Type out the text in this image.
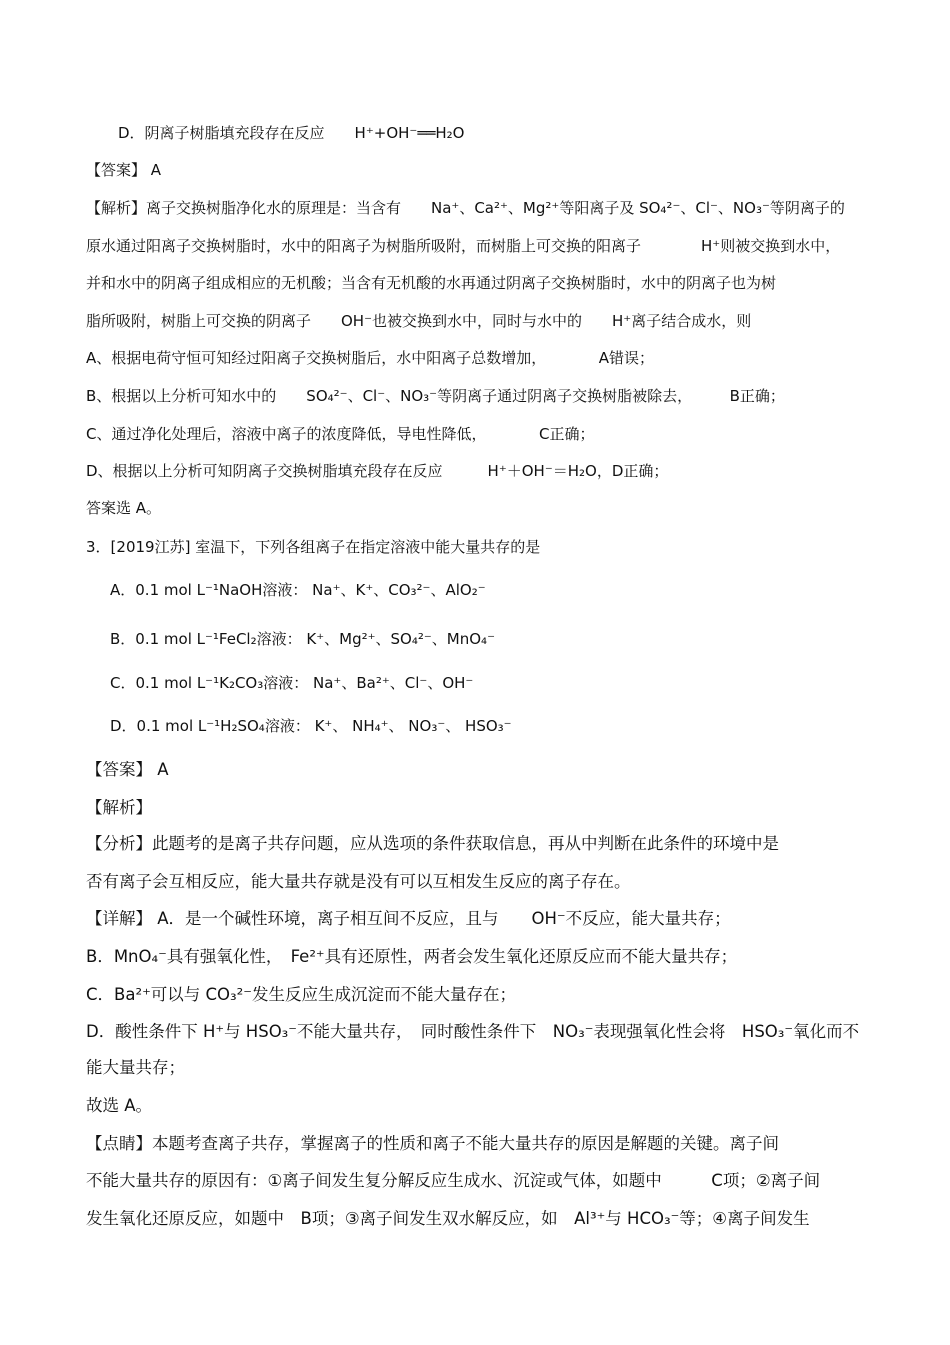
D．阴离子树脂填充段存在反应　　H⁺+OH⁻══H₂O
【答案】 A
【解析】离子交换树脂净化水的原理是：当含有　　Na⁺、Ca²⁺、Mg²⁺等阳离子及 SO₄²⁻、Cl⁻、NO₃⁻等阴离子的
原水通过阳离子交换树脂时，水中的阳离子为树脂所吸附，而树脂上可交换的阳离子　　　　H⁺则被交换到水中，
并和水中的阴离子组成相应的无机酸；当含有无机酸的水再通过阴离子交换树脂时，水中的阴离子也为树
脂所吸附，树脂上可交换的阴离子　　OH⁻也被交换到水中，同时与水中的　　H⁺离子结合成水，则
A、根据电荷守恒可知经过阳离子交换树脂后，水中阳离子总数增加，　　　　A错误；
B、根据以上分析可知水中的　　SO₄²⁻、Cl⁻、NO₃⁻等阴离子通过阴离子交换树脂被除去，　　　B正确；
C、通过净化处理后，溶液中离子的浓度降低，导电性降低，　　　　C正确；
D、根据以上分析可知阴离子交换树脂填充段存在反应　　　H⁺＋OH⁻＝H₂O，D正确；
答案选 A。
3．[2019江苏] 室温下，下列各组离子在指定溶液中能大量共存的是
A．0.1 mol L⁻¹NaOH溶液： Na⁺、K⁺、CO₃²⁻、AlO₂⁻
B．0.1 mol L⁻¹FeCl₂溶液： K⁺、Mg²⁺、SO₄²⁻、MnO₄⁻
C．0.1 mol L⁻¹K₂CO₃溶液： Na⁺、Ba²⁺、Cl⁻、OH⁻
D．0.1 mol L⁻¹H₂SO₄溶液： K⁺、 NH₄⁺、 NO₃⁻、 HSO₃⁻
【答案】 A
【解析】
【分析】此题考的是离子共存问题，应从选项的条件获取信息，再从中判断在此条件的环境中是
否有离子会互相反应，能大量共存就是没有可以互相发生反应的离子存在。
【详解】 A．是一个碱性环境，离子相互间不反应，且与　　OH⁻不反应，能大量共存；
B．MnO₄⁻具有强氧化性，　Fe²⁺具有还原性，两者会发生氧化还原反应而不能大量共存；
C．Ba²⁺可以与 CO₃²⁻发生反应生成沉淀而不能大量存在；
D．酸性条件下 H⁺与 HSO₃⁻不能大量共存，　同时酸性条件下　NO₃⁻表现强氧化性会将　HSO₃⁻氧化而不
能大量共存；
故选 A。
【点睛】本题考查离子共存，掌握离子的性质和离子不能大量共存的原因是解题的关键。离子间
不能大量共存的原因有：①离子间发生复分解反应生成水、沉淀或气体，如题中　　　C项；②离子间
发生氧化还原反应，如题中　B项；③离子间发生双水解反应，如　Al³⁺与 HCO₃⁻等；④离子间发生
